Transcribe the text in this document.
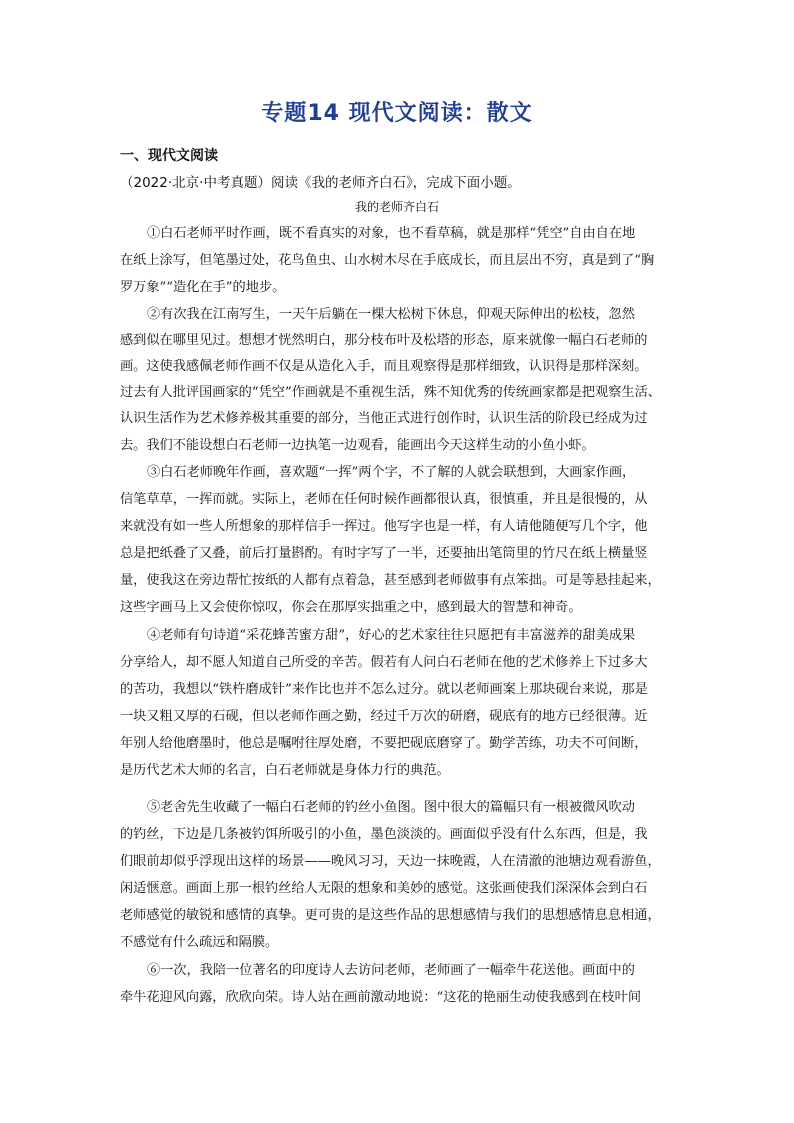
专题14 现代文阅读：散文
一、现代文阅读
（2022·北京·中考真题）阅读《我的老师齐白石》，完成下面小题。
我的老师齐白石
①白石老师平时作画，既不看真实的对象，也不看草稿，就是那样“凭空”自由自在地
在纸上涂写，但笔墨过处，花鸟鱼虫、山水树木尽在手底成长，而且层出不穷，真是到了“胸
罗万象”“造化在手”的地步。
②有次我在江南写生，一天午后躺在一棵大松树下休息，仰观天际伸出的松枝，忽然
感到似在哪里见过。想想才恍然明白，那分枝布叶及松塔的形态，原来就像一幅白石老师的
画。这使我感佩老师作画不仅是从造化入手，而且观察得是那样细致，认识得是那样深刻。
过去有人批评国画家的“凭空”作画就是不重视生活，殊不知优秀的传统画家都是把观察生活、
认识生活作为艺术修养极其重要的部分，当他正式进行创作时，认识生活的阶段已经成为过
去。我们不能设想白石老师一边执笔一边观看，能画出今天这样生动的小鱼小虾。
③白石老师晚年作画，喜欢题“一挥”两个字，不了解的人就会联想到，大画家作画，
信笔草草，一挥而就。实际上，老师在任何时候作画都很认真，很慎重，并且是很慢的，从
来就没有如一些人所想象的那样信手一挥过。他写字也是一样，有人请他随便写几个字，他
总是把纸叠了又叠，前后打量斟酌。有时字写了一半，还要抽出笔筒里的竹尺在纸上横量竖
量，使我这在旁边帮忙按纸的人都有点着急，甚至感到老师做事有点笨拙。可是等悬挂起来，
这些字画马上又会使你惊叹，你会在那厚实拙重之中，感到最大的智慧和神奇。
④老师有句诗道“采花蜂苦蜜方甜”，好心的艺术家往往只愿把有丰富滋养的甜美成果
分享给人，却不愿人知道自己所受的辛苦。假若有人问白石老师在他的艺术修养上下过多大
的苦功，我想以“铁杵磨成针”来作比也并不怎么过分。就以老师画案上那块砚台来说，那是
一块又粗又厚的石砚，但以老师作画之勤，经过千万次的研磨，砚底有的地方已经很薄。近
年别人给他磨墨时，他总是嘱咐往厚处磨，不要把砚底磨穿了。勤学苦练，功夫不可间断，
是历代艺术大师的名言，白石老师就是身体力行的典范。
⑤老舍先生收藏了一幅白石老师的钓丝小鱼图。图中很大的篇幅只有一根被微风吹动
的钓丝，下边是几条被钓饵所吸引的小鱼，墨色淡淡的。画面似乎没有什么东西，但是，我
们眼前却似乎浮现出这样的场景——晚风习习，天边一抹晚霞，人在清澈的池塘边观看游鱼，
闲适惬意。画面上那一根钓丝给人无限的想象和美妙的感觉。这张画使我们深深体会到白石
老师感觉的敏锐和感情的真挚。更可贵的是这些作品的思想感情与我们的思想感情息息相通，
不感觉有什么疏远和隔膜。
⑥一次，我陪一位著名的印度诗人去访问老师，老师画了一幅牵牛花送他。画面中的
牵牛花迎风向露，欣欣向荣。诗人站在画前激动地说：“这花的艳丽生动使我感到在枝叶间
